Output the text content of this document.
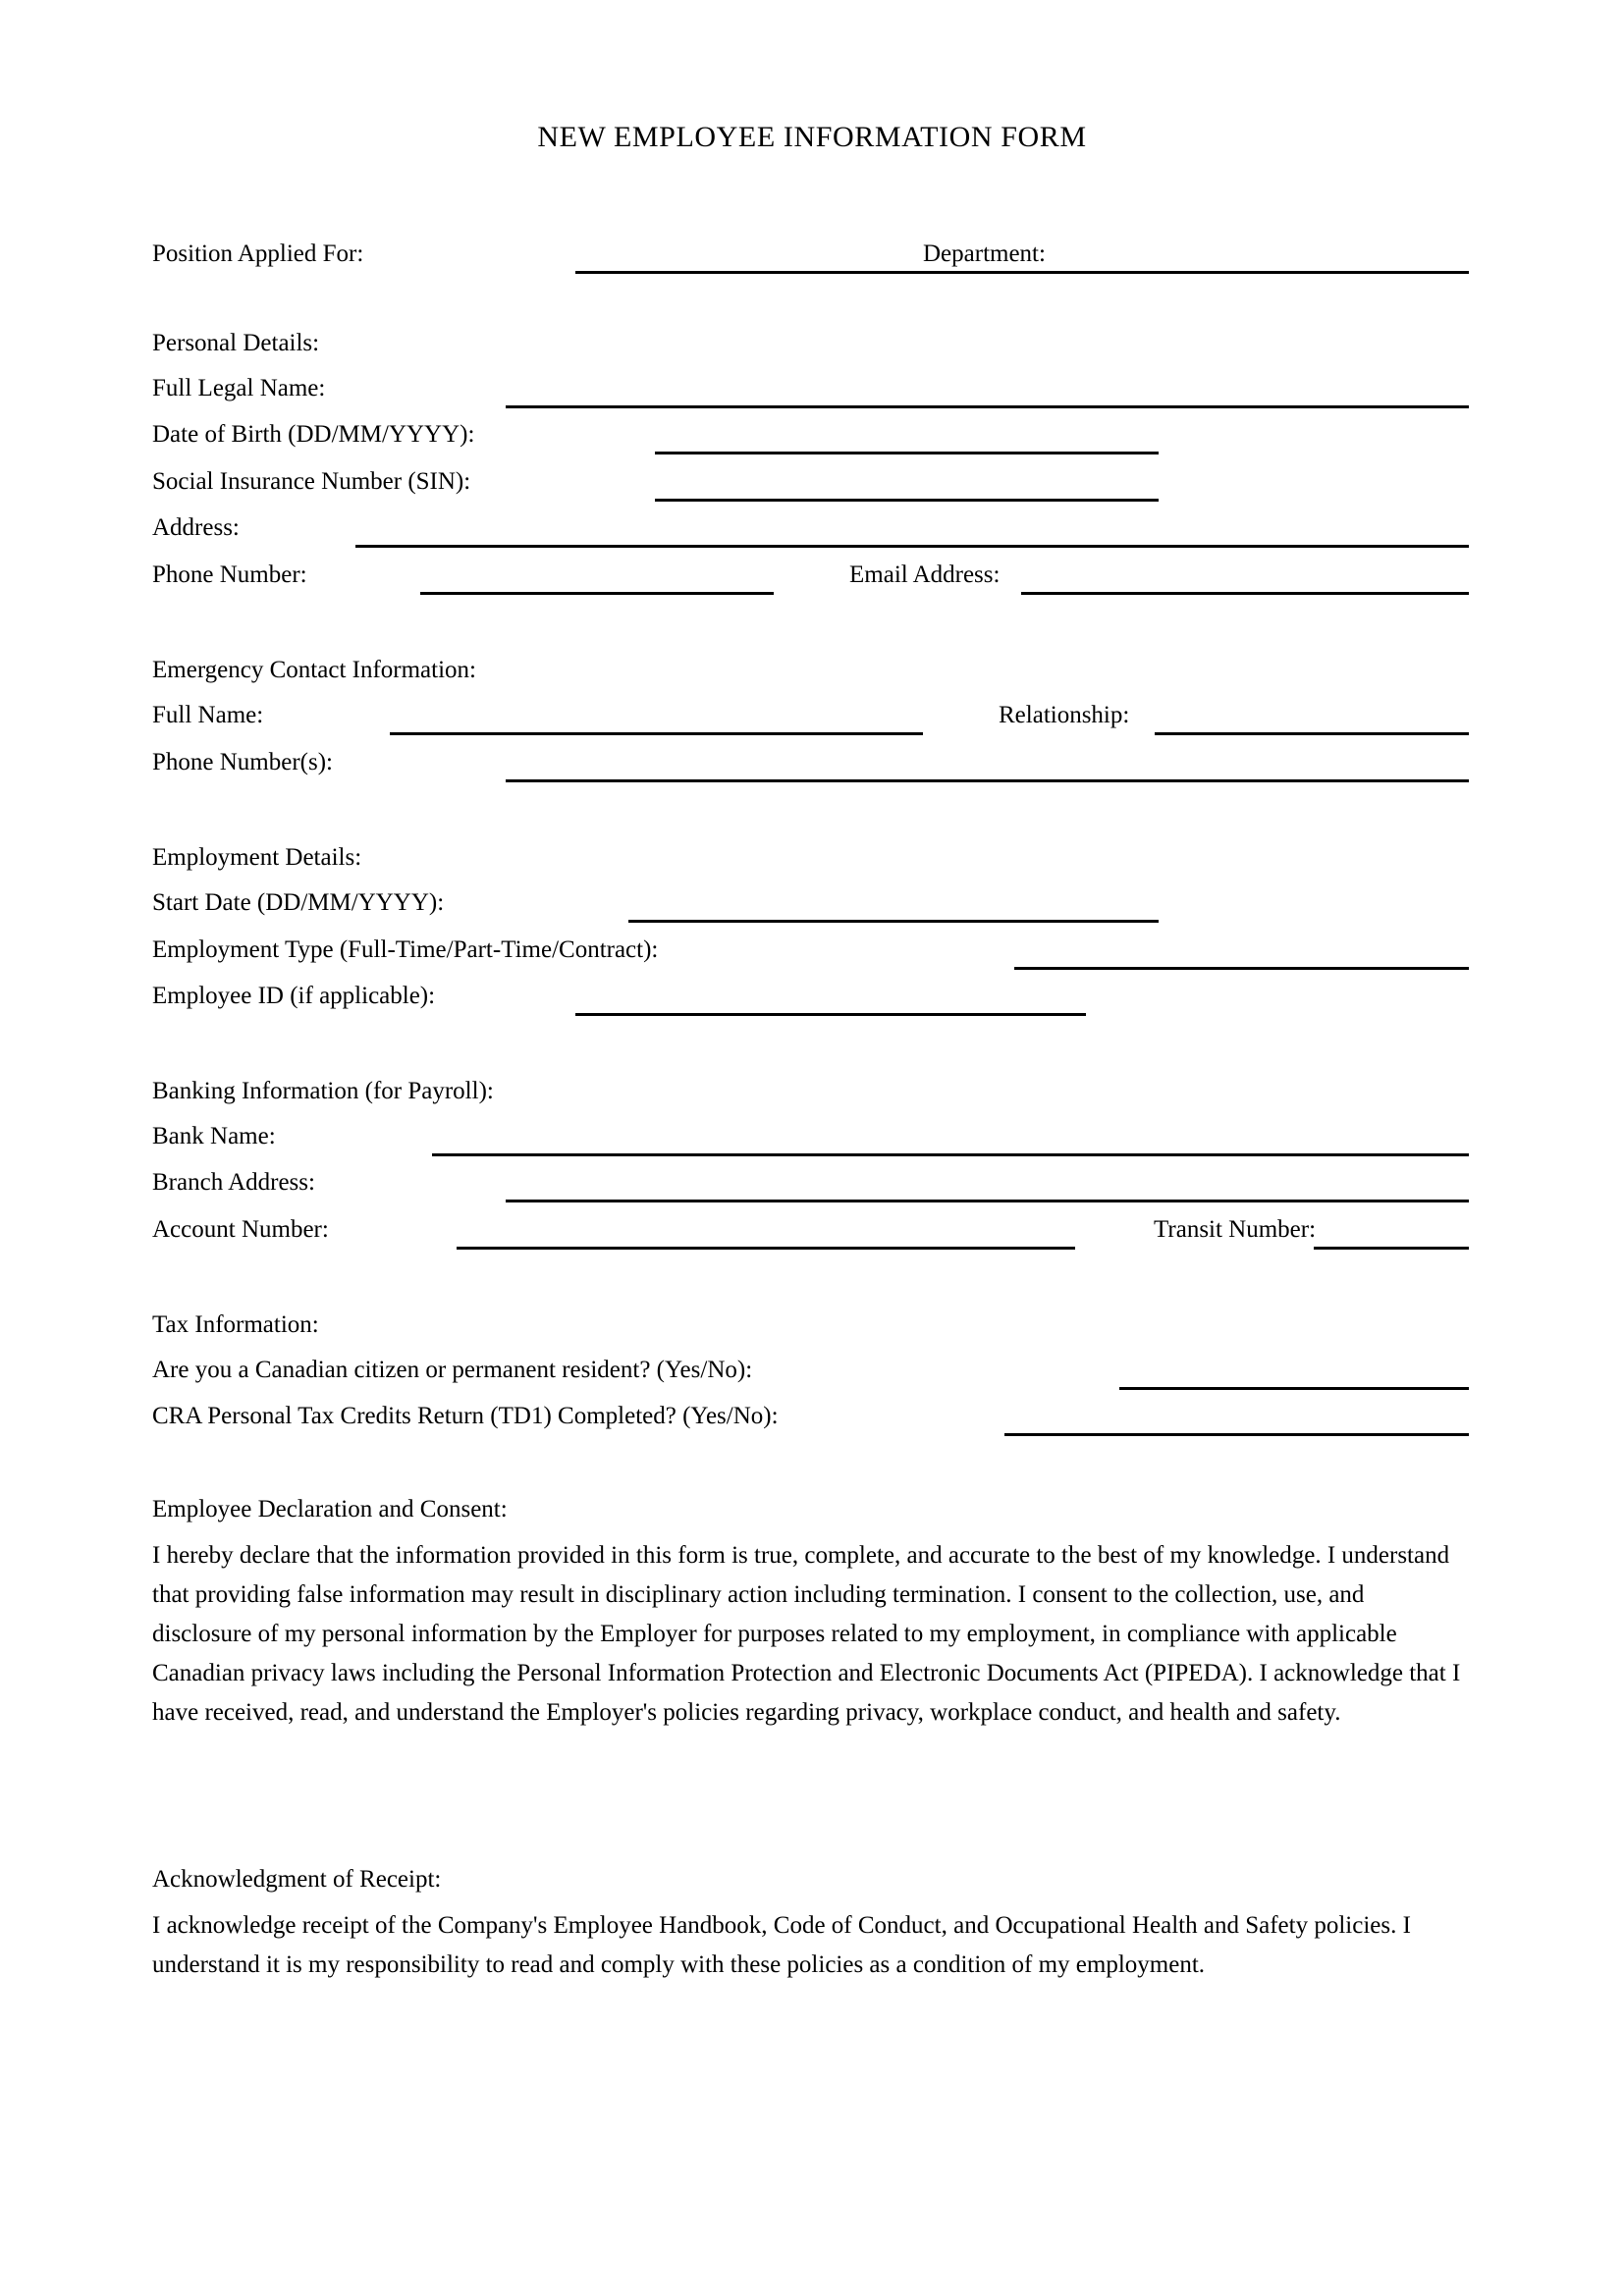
NEW EMPLOYEE INFORMATION FORM
Position Applied For:	Department:
Personal Details:
Full Legal Name:
Date of Birth (DD/MM/YYYY):
Social Insurance Number (SIN):
Address:
Phone Number:	Email Address:
Emergency Contact Information:
Full Name:	Relationship:
Phone Number(s):
Employment Details:
Start Date (DD/MM/YYYY):
Employment Type (Full-Time/Part-Time/Contract):
Employee ID (if applicable):
Banking Information (for Payroll):
Bank Name:
Branch Address:
Account Number:	Transit Number:
Tax Information:
Are you a Canadian citizen or permanent resident? (Yes/No):
CRA Personal Tax Credits Return (TD1) Completed? (Yes/No):
Employee Declaration and Consent:
I hereby declare that the information provided in this form is true, complete, and accurate to the best of my knowledge. I understand that providing false information may result in disciplinary action including termination. I consent to the collection, use, and disclosure of my personal information by the Employer for purposes related to my employment, in compliance with applicable Canadian privacy laws including the Personal Information Protection and Electronic Documents Act (PIPEDA). I acknowledge that I have received, read, and understand the Employer's policies regarding privacy, workplace conduct, and health and safety.
Acknowledgment of Receipt:
I acknowledge receipt of the Company's Employee Handbook, Code of Conduct, and Occupational Health and Safety policies. I understand it is my responsibility to read and comply with these policies as a condition of my employment.
